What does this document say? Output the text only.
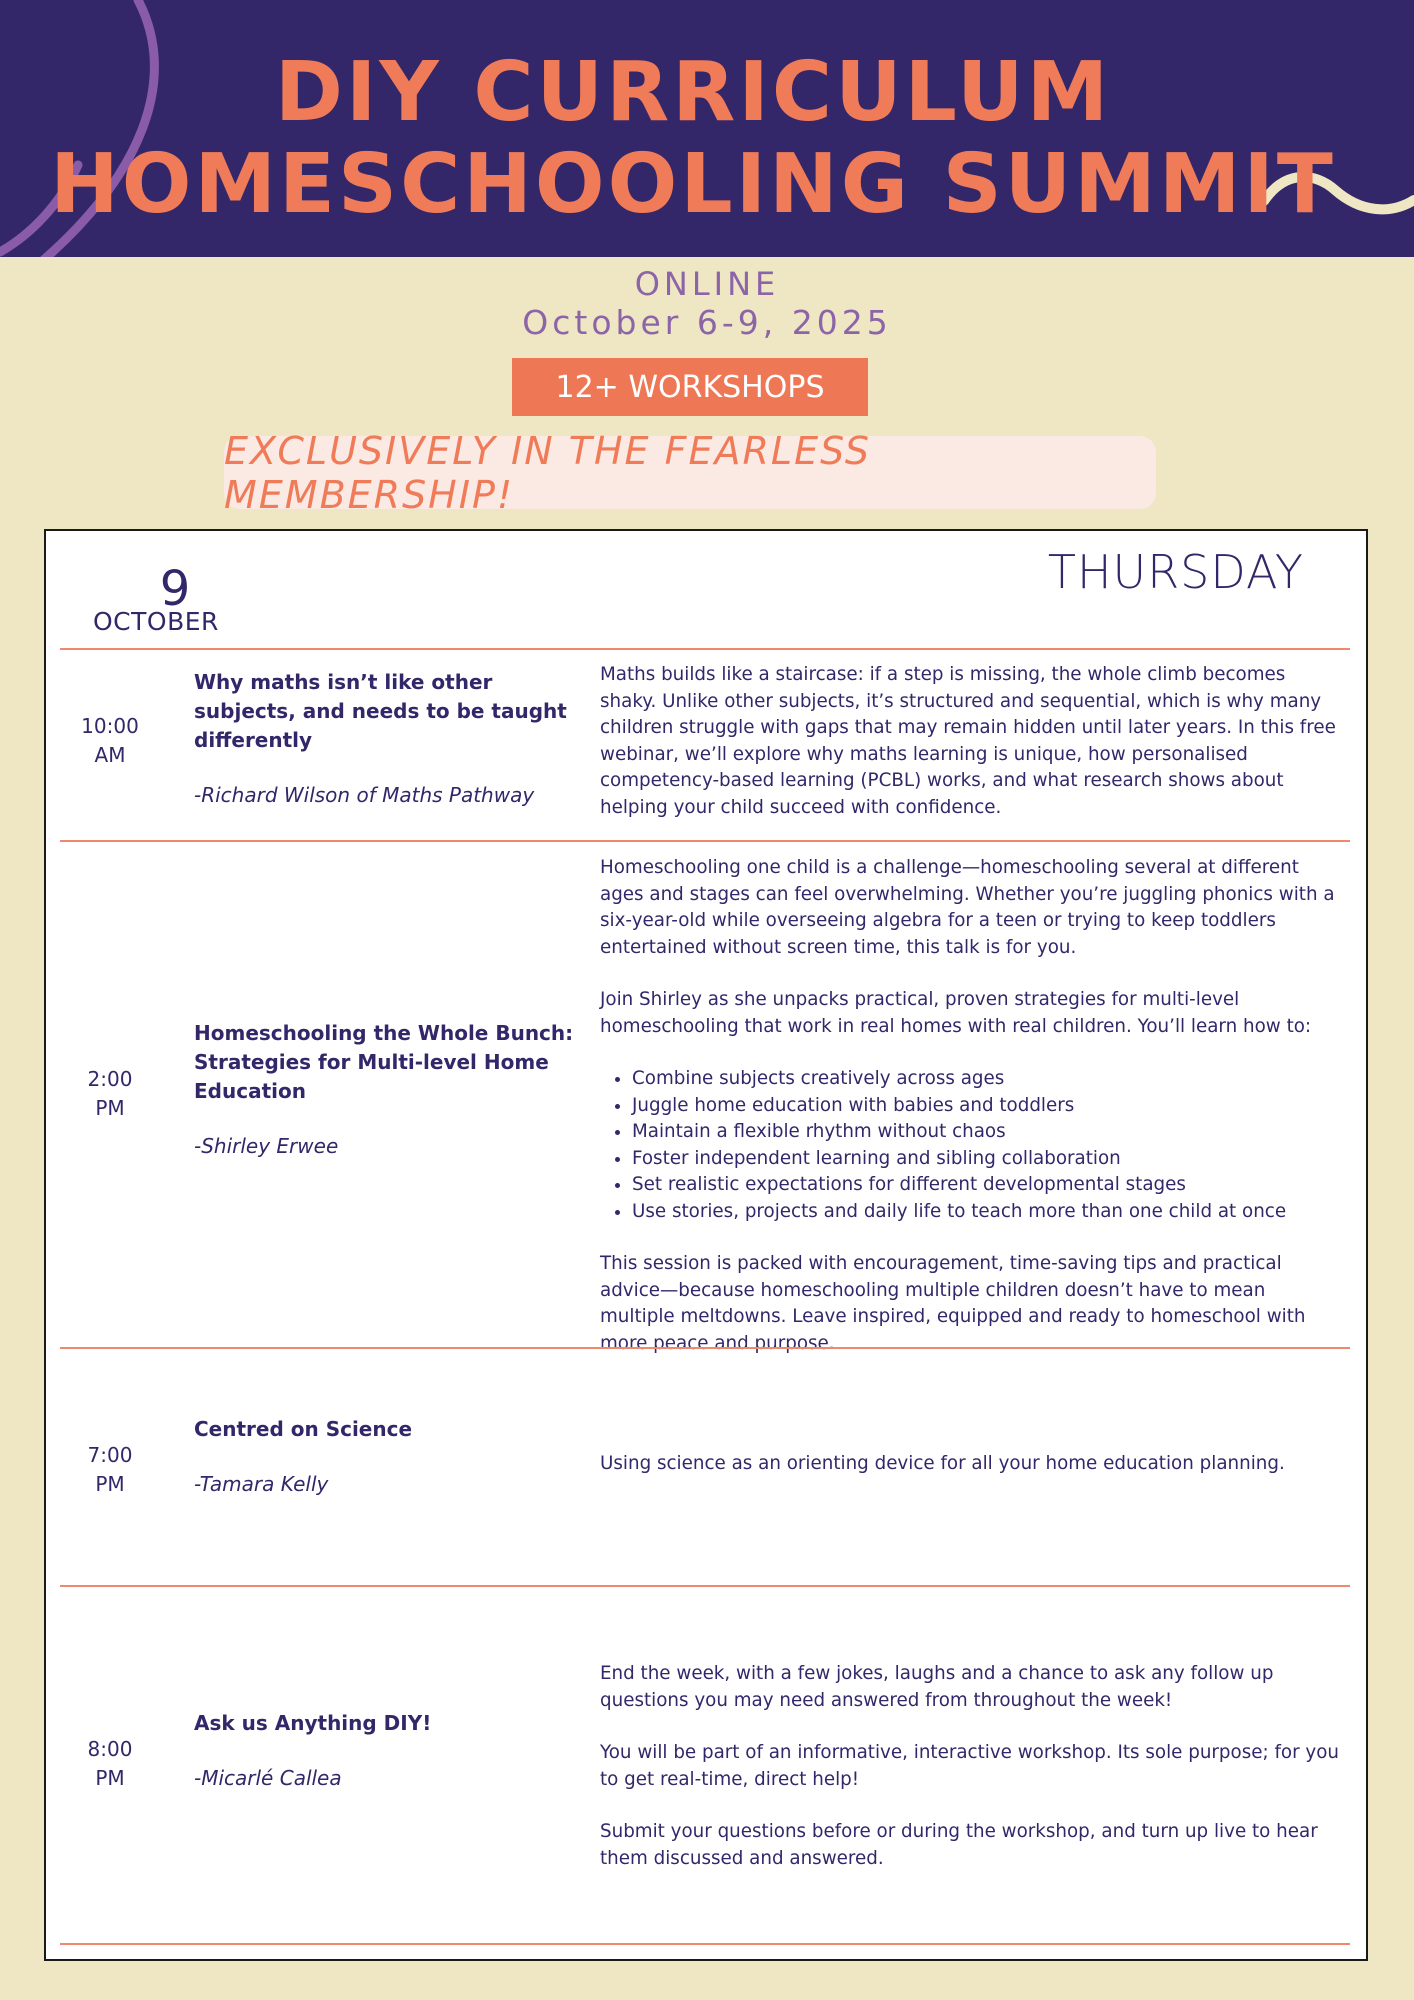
DIY CURRICULUM
HOMESCHOOLING SUMMIT
ONLINE
October 6-9, 2025
12+ WORKSHOPS
EXCLUSIVELY IN THE FEARLESS MEMBERSHIP!
9
OCTOBER
THURSDAY
10:00
AM

Why maths isn’t like other subjects, and needs to be taught differently

-Richard Wilson of Maths Pathway

Maths builds like a staircase: if a step is missing, the whole climb becomes shaky. Unlike other subjects, it’s structured and sequential, which is why many children struggle with gaps that may remain hidden until later years. In this free webinar, we’ll explore why maths learning is unique, how personalised competency-based learning (PCBL) works, and what research shows about helping your child succeed with confidence.

2:00
PM

Homeschooling the Whole Bunch: Strategies for Multi-level Home Education

-Shirley Erwee

Homeschooling one child is a challenge—homeschooling several at different ages and stages can feel overwhelming. Whether you’re juggling phonics with a six-year-old while overseeing algebra for a teen or trying to keep toddlers entertained without screen time, this talk is for you.

Join Shirley as she unpacks practical, proven strategies for multi-level homeschooling that work in real homes with real children. You’ll learn how to:

• Combine subjects creatively across ages
• Juggle home education with babies and toddlers
• Maintain a flexible rhythm without chaos
• Foster independent learning and sibling collaboration
• Set realistic expectations for different developmental stages
• Use stories, projects and daily life to teach more than one child at once

This session is packed with encouragement, time-saving tips and practical advice—because homeschooling multiple children doesn’t have to mean multiple meltdowns. Leave inspired, equipped and ready to homeschool with more peace and purpose.

7:00
PM

Centred on Science

-Tamara Kelly

Using science as an orienting device for all your home education planning.

8:00
PM

Ask us Anything DIY!

-Micarlé Callea

End the week, with a few jokes, laughs and a chance to ask any follow up questions you may need answered from throughout the week!

You will be part of an informative, interactive workshop. Its sole purpose; for you to get real-time, direct help!

Submit your questions before or during the workshop, and turn up live to hear them discussed and answered.
